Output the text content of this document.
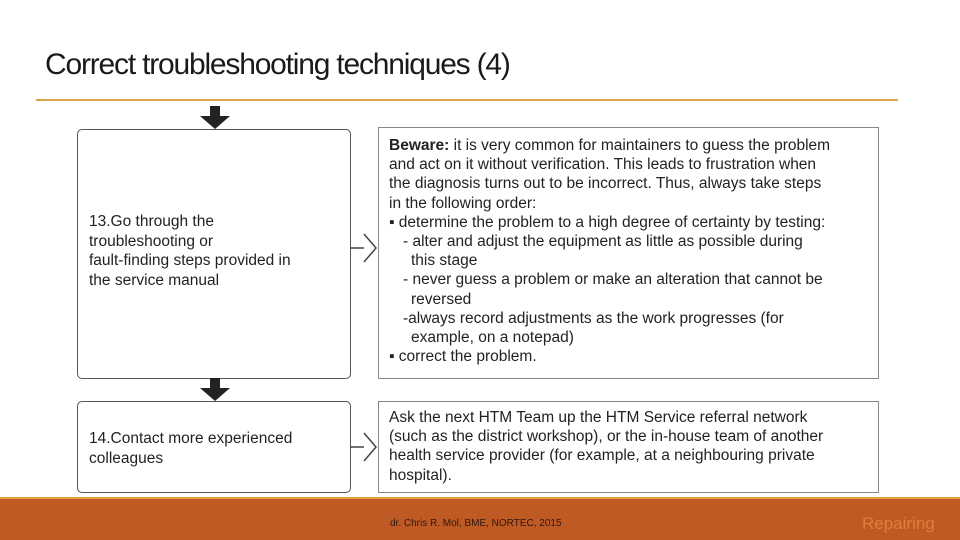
Correct troubleshooting techniques (4)
13.Go through the
troubleshooting or
fault-finding steps provided in
the service manual
Beware: it is very common for maintainers to guess the problem
and act on it without verification. This leads to frustration when
the diagnosis turns out to be incorrect. Thus, always take steps
in the following order:
▪ determine the problem to a high degree of certainty by testing:
- alter and adjust the equipment as little as possible during
this stage
- never guess a problem or make an alteration that cannot be
reversed
-always record adjustments as the work progresses (for
example, on a notepad)
▪ correct the problem.
14.Contact more experienced
colleagues
Ask the next HTM Team up the HTM Service referral network
(such as the district workshop), or the in-house team of another
health service provider (for example, at a neighbouring private
hospital).
dr. Chris R. Mol, BME, NORTEC, 2015	Repairing
